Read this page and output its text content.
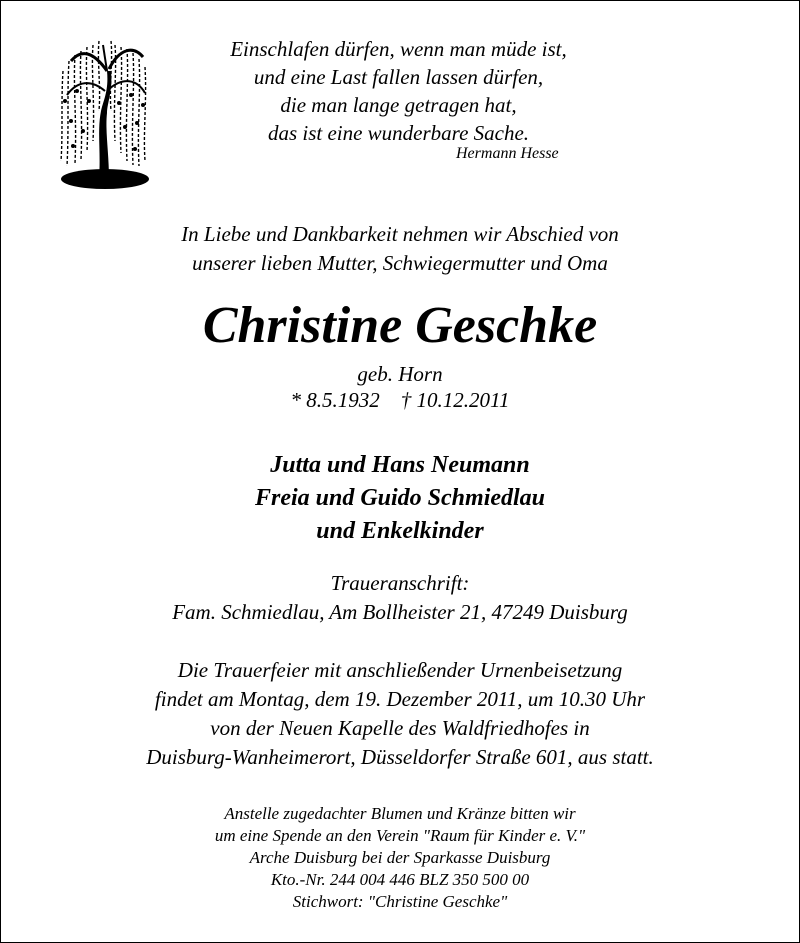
Einschlafen dürfen, wenn man müde ist,
und eine Last fallen lassen dürfen,
die man lange getragen hat,
das ist eine wunderbare Sache.
Hermann Hesse
In Liebe und Dankbarkeit nehmen wir Abschied von
unserer lieben Mutter, Schwiegermutter und Oma
Christine Geschke
geb. Horn
* 8.5.1932 † 10.12.2011
Jutta und Hans Neumann
Freia und Guido Schmiedlau
und Enkelkinder
Traueranschrift:
Fam. Schmiedlau, Am Bollheister 21, 47249 Duisburg
Die Trauerfeier mit anschließender Urnenbeisetzung
findet am Montag, dem 19. Dezember 2011, um 10.30 Uhr
von der Neuen Kapelle des Waldfriedhofes in
Duisburg-Wanheimerort, Düsseldorfer Straße 601, aus statt.
Anstelle zugedachter Blumen und Kränze bitten wir
um eine Spende an den Verein "Raum für Kinder e. V."
Arche Duisburg bei der Sparkasse Duisburg
Kto.-Nr. 244 004 446 BLZ 350 500 00
Stichwort: "Christine Geschke"
